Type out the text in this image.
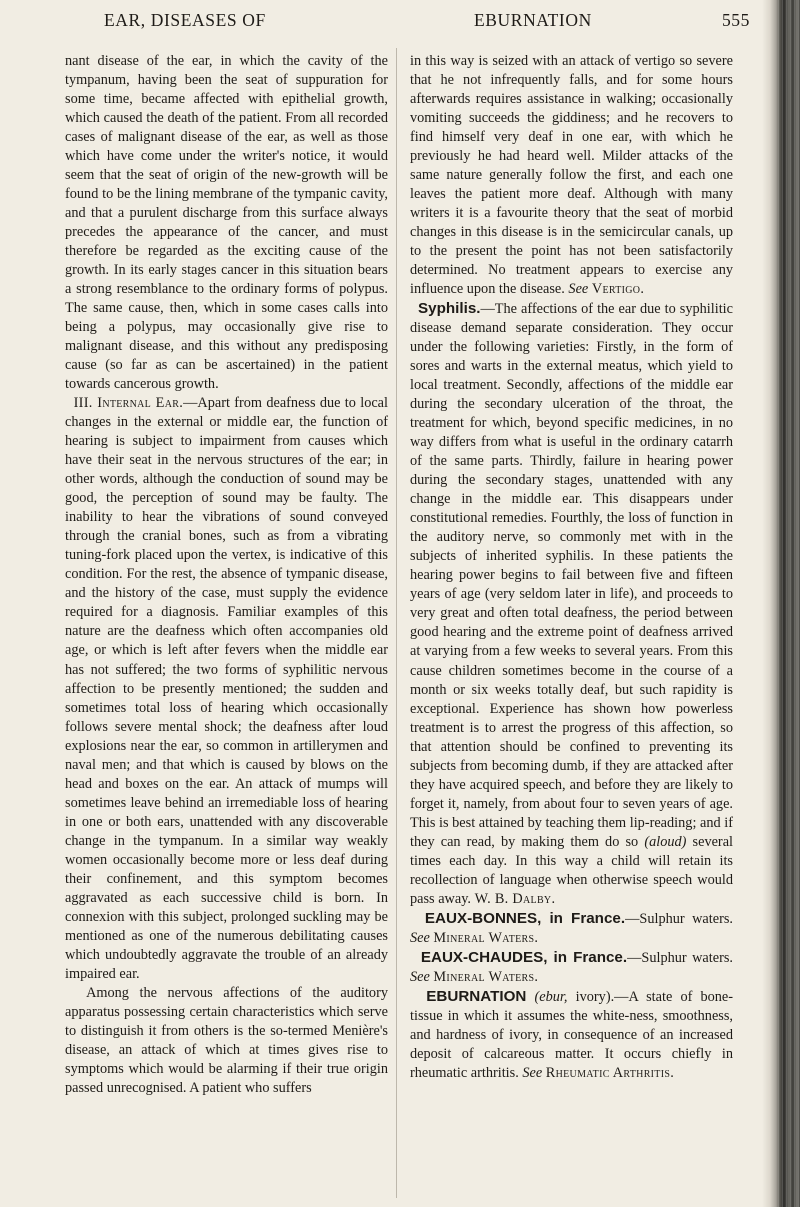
EAR, DISEASES OF	EBURNATION	555

nant disease of the ear, in which the cavity of the tympanum, having been the seat of suppuration for some time, became affected with epithelial growth, which caused the death of the patient. From all recorded cases of malignant disease of the ear, as well as those which have come under the writer's notice, it would seem that the seat of origin of the new-growth will be found to be the lining membrane of the tympanic cavity, and that a purulent discharge from this surface always precedes the appearance of the cancer, and must therefore be regarded as the exciting cause of the growth. In its early stages cancer in this situation bears a strong resemblance to the ordinary forms of polypus. The same cause, then, which in some cases calls into being a polypus, may occasionally give rise to malignant disease, and this without any predisposing cause (so far as can be ascertained) in the patient towards cancerous growth.

III. Internal Ear.—Apart from deafness due to local changes in the external or middle ear, the function of hearing is subject to impairment from causes which have their seat in the nervous structures of the ear; in other words, although the conduction of sound may be good, the perception of sound may be faulty. The inability to hear the vibrations of sound conveyed through the cranial bones, such as from a vibrating tuning-fork placed upon the vertex, is indicative of this condition. For the rest, the absence of tympanic disease, and the history of the case, must supply the evidence required for a diagnosis. Familiar examples of this nature are the deafness which often accompanies old age, or which is left after fevers when the middle ear has not suffered; the two forms of syphilitic nervous affection to be presently mentioned; the sudden and sometimes total loss of hearing which occasionally follows severe mental shock; the deafness after loud explosions near the ear, so common in artillerymen and naval men; and that which is caused by blows on the head and boxes on the ear. An attack of mumps will sometimes leave behind an irremediable loss of hearing in one or both ears, unattended with any discoverable change in the tympanum. In a similar way weakly women occasionally become more or less deaf during their confinement, and this symptom becomes aggravated as each successive child is born. In connexion with this subject, prolonged suckling may be mentioned as one of the numerous debilitating causes which undoubtedly aggravate the trouble of an already impaired ear.

Among the nervous affections of the auditory apparatus possessing certain characteristics which serve to distinguish it from others is the so-termed Menière's disease, an attack of which at times gives rise to symptoms which would be alarming if their true origin passed unrecognised. A patient who suffers

in this way is seized with an attack of vertigo so severe that he not infrequently falls, and for some hours afterwards requires assistance in walking; occasionally vomiting succeeds the giddiness; and he recovers to find himself very deaf in one ear, with which he previously he had heard well. Milder attacks of the same nature generally follow the first, and each one leaves the patient more deaf. Although with many writers it is a favourite theory that the seat of morbid changes in this disease is in the semicircular canals, up to the present the point has not been satisfactorily determined. No treatment appears to exercise any influence upon the disease. See Vertigo.

Syphilis.—The affections of the ear due to syphilitic disease demand separate consideration. They occur under the following varieties: Firstly, in the form of sores and warts in the external meatus, which yield to local treatment. Secondly, affections of the middle ear during the secondary ulceration of the throat, the treatment for which, beyond specific medicines, in no way differs from what is useful in the ordinary catarrh of the same parts. Thirdly, failure in hearing power during the secondary stages, unattended with any change in the middle ear. This disappears under constitutional remedies. Fourthly, the loss of function in the auditory nerve, so commonly met with in the subjects of inherited syphilis. In these patients the hearing power begins to fail between five and fifteen years of age (very seldom later in life), and proceeds to very great and often total deafness, the period between good hearing and the extreme point of deafness arrived at varying from a few weeks to several years. From this cause children sometimes become in the course of a month or six weeks totally deaf, but such rapidity is exceptional. Experience has shown how powerless treatment is to arrest the progress of this affection, so that attention should be confined to preventing its subjects from becoming dumb, if they are attacked after they have acquired speech, and before they are likely to forget it, namely, from about four to seven years of age. This is best attained by teaching them lip-reading; and if they can read, by making them do so (aloud) several times each day. In this way a child will retain its recollection of language when otherwise speech would pass away. W. B. Dalby.

EAUX-BONNES, in France.—Sulphur waters. See Mineral Waters.

EAUX-CHAUDES, in France.—Sulphur waters. See Mineral Waters.

EBURNATION (ebur, ivory).—A state of bone-tissue in which it assumes the white-ness, smoothness, and hardness of ivory, in consequence of an increased deposit of calcareous matter. It occurs chiefly in rheumatic arthritis. See Rheumatic Arthritis.
